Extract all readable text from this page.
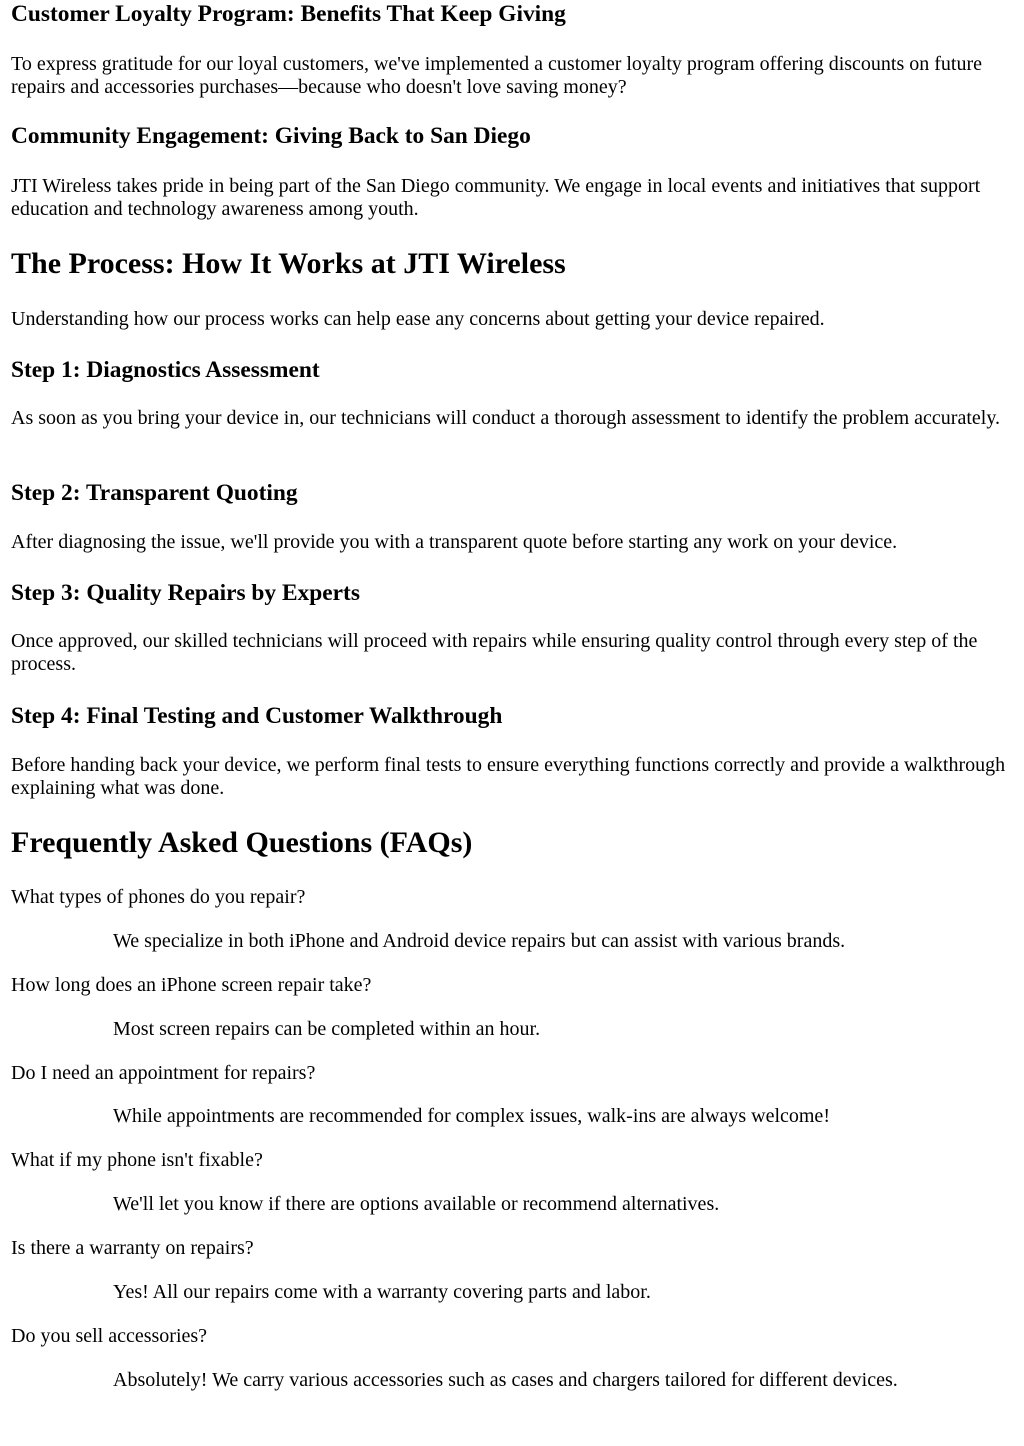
Customer Loyalty Program: Benefits That Keep Giving

To express gratitude for our loyal customers, we've implemented a customer loyalty program offering discounts on future repairs and accessories purchases—because who doesn't love saving money?

Community Engagement: Giving Back to San Diego

JTI Wireless takes pride in being part of the San Diego community. We engage in local events and initiatives that support education and technology awareness among youth.

The Process: How It Works at JTI Wireless

Understanding how our process works can help ease any concerns about getting your device repaired.

Step 1: Diagnostics Assessment

As soon as you bring your device in, our technicians will conduct a thorough assessment to identify the problem accurately.

Step 2: Transparent Quoting

After diagnosing the issue, we'll provide you with a transparent quote before starting any work on your device.

Step 3: Quality Repairs by Experts

Once approved, our skilled technicians will proceed with repairs while ensuring quality control through every step of the process.

Step 4: Final Testing and Customer Walkthrough

Before handing back your device, we perform final tests to ensure everything functions correctly and provide a walkthrough explaining what was done.

Frequently Asked Questions (FAQs)
What types of phones do you repair?
We specialize in both iPhone and Android device repairs but can assist with various brands.
How long does an iPhone screen repair take?
Most screen repairs can be completed within an hour.
Do I need an appointment for repairs?
While appointments are recommended for complex issues, walk-ins are always welcome!
What if my phone isn't fixable?
We'll let you know if there are options available or recommend alternatives.
Is there a warranty on repairs?
Yes! All our repairs come with a warranty covering parts and labor.
Do you sell accessories?
Absolutely! We carry various accessories such as cases and chargers tailored for different devices.
